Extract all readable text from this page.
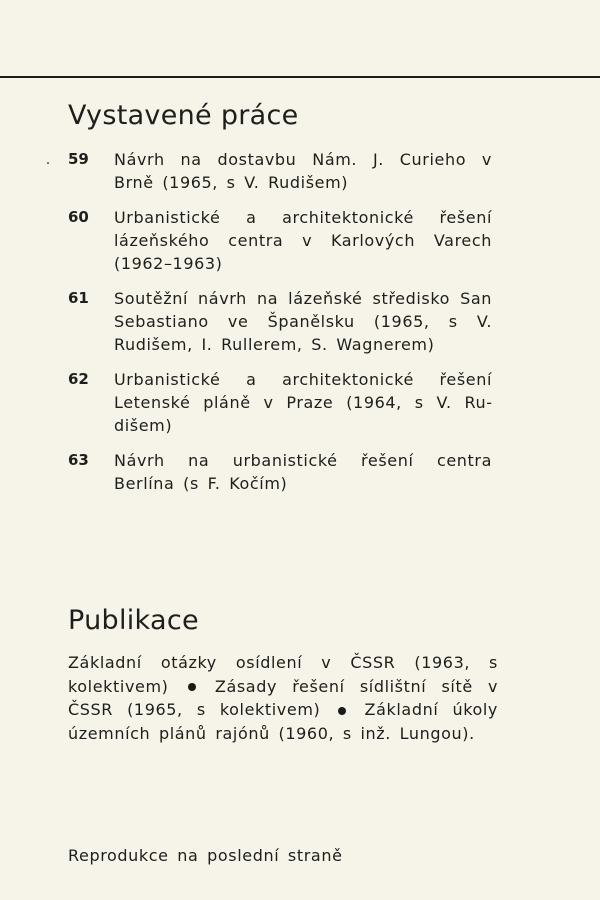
Vystavené práce
59	Návrh na dostavbu Nám. J. Curieho v Brně (1965, s V. Rudišem)
60	Urbanistické a architektonické řešení lázeňského centra v Karlových Varech (1962–1963)
61	Soutěžní návrh na lázeňské středisko San Sebastiano ve Španělsku (1965, s V. Rudišem, I. Rullerem, S. Wagnerem)
62	Urbanistické a architektonické řešení Letenské pláně v Praze (1964, s V. Rudišem)
63	Návrh na urbanistické řešení centra Berlína (s F. Kočím)
Publikace

Základní otázky osídlení v ČSSR (1963, s kolektivem)	Zásady řešení sídlištní sítě v ČSSR (1965, s kolektivem)	Základní úkoly územních plánů rajónů (1960, s inž. Lungou).

Reprodukce na poslední straně
